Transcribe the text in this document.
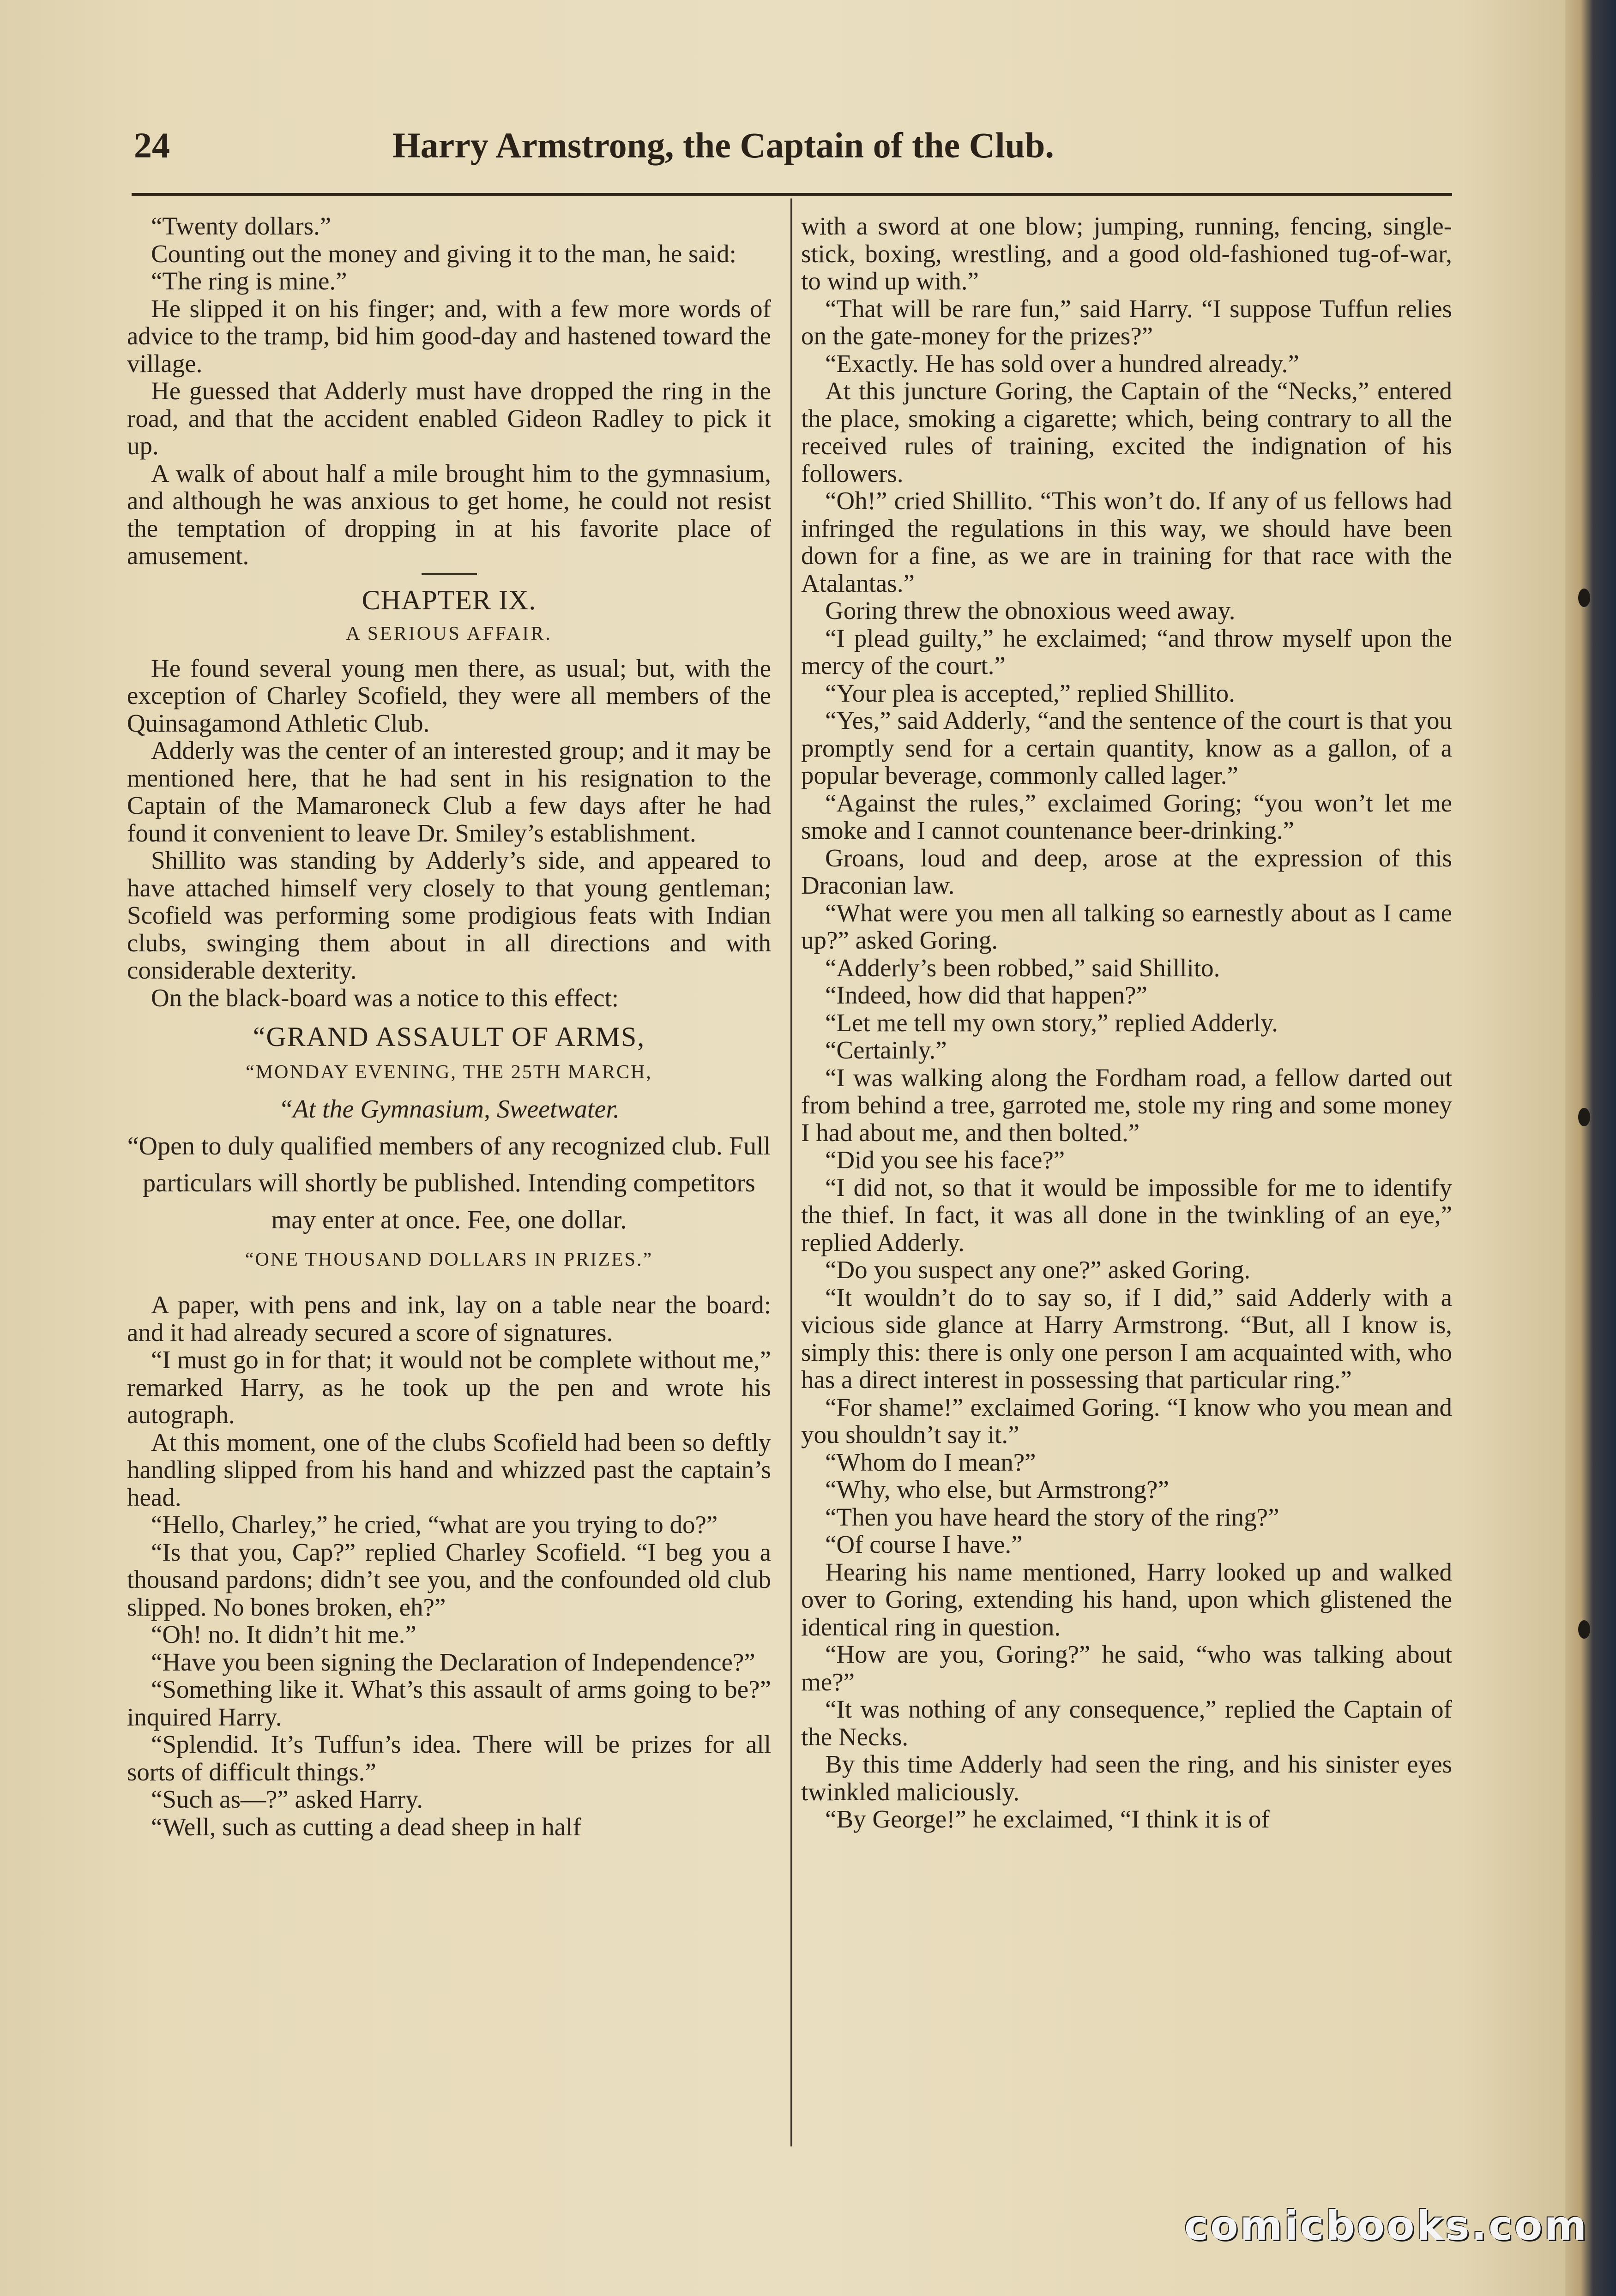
24	Harry Armstrong, the Captain of the Club.

“Twenty dollars.”

Counting out the money and giving it to the man, he said:

“The ring is mine.”

He slipped it on his finger; and, with a few more words of advice to the tramp, bid him good-day and hastened toward the village.

He guessed that Adderly must have dropped the ring in the road, and that the accident enabled Gideon Radley to pick it up.

A walk of about half a mile brought him to the gymnasium, and although he was anxious to get home, he could not resist the temptation of dropping in at his favorite place of amusement.

CHAPTER IX.
A SERIOUS AFFAIR.

He found several young men there, as usual; but, with the exception of Charley Scofield, they were all members of the Quinsagamond Athletic Club.

Adderly was the center of an interested group; and it may be mentioned here, that he had sent in his resignation to the Captain of the Mamaroneck Club a few days after he had found it convenient to leave Dr. Smiley’s establishment.

Shillito was standing by Adderly’s side, and appeared to have attached himself very closely to that young gentleman; Scofield was performing some prodigious feats with Indian clubs, swinging them about in all directions and with considerable dexterity.

On the black-board was a notice to this effect:

“GRAND ASSAULT OF ARMS,
“MONDAY EVENING, THE 25TH MARCH,
“At the Gymnasium, Sweetwater.
“Open to duly qualified members of any recognized club. Full particulars will shortly be published. Intending competitors may enter at once. Fee, one dollar.
“ONE THOUSAND DOLLARS IN PRIZES.”

A paper, with pens and ink, lay on a table near the board: and it had already secured a score of signatures.

“I must go in for that; it would not be complete without me,” remarked Harry, as he took up the pen and wrote his autograph.

At this moment, one of the clubs Scofield had been so deftly handling slipped from his hand and whizzed past the captain’s head.

“Hello, Charley,” he cried, “what are you trying to do?”

“Is that you, Cap?” replied Charley Scofield. “I beg you a thousand pardons; didn’t see you, and the confounded old club slipped. No bones broken, eh?”

“Oh! no. It didn’t hit me.”

“Have you been signing the Declaration of Independence?”

“Something like it. What’s this assault of arms going to be?” inquired Harry.

“Splendid. It’s Tuffun’s idea. There will be prizes for all sorts of difficult things.”

“Such as—?” asked Harry.

“Well, such as cutting a dead sheep in half

with a sword at one blow; jumping, running, fencing, single-stick, boxing, wrestling, and a good old-fashioned tug-of-war, to wind up with.”

“That will be rare fun,” said Harry. “I suppose Tuffun relies on the gate-money for the prizes?”

“Exactly. He has sold over a hundred already.”

At this juncture Goring, the Captain of the “Necks,” entered the place, smoking a cigarette; which, being contrary to all the received rules of training, excited the indignation of his followers.

“Oh!” cried Shillito. “This won’t do. If any of us fellows had infringed the regulations in this way, we should have been down for a fine, as we are in training for that race with the Atalantas.”

Goring threw the obnoxious weed away.

“I plead guilty,” he exclaimed; “and throw myself upon the mercy of the court.”

“Your plea is accepted,” replied Shillito.

“Yes,” said Adderly, “and the sentence of the court is that you promptly send for a certain quantity, know as a gallon, of a popular beverage, commonly called lager.”

“Against the rules,” exclaimed Goring; “you won’t let me smoke and I cannot countenance beer-drinking.”

Groans, loud and deep, arose at the expression of this Draconian law.

“What were you men all talking so earnestly about as I came up?” asked Goring.

“Adderly’s been robbed,” said Shillito.

“Indeed, how did that happen?”

“Let me tell my own story,” replied Adderly.

“Certainly.”

“I was walking along the Fordham road, a fellow darted out from behind a tree, garroted me, stole my ring and some money I had about me, and then bolted.”

“Did you see his face?”

“I did not, so that it would be impossible for me to identify the thief. In fact, it was all done in the twinkling of an eye,” replied Adderly.

“Do you suspect any one?” asked Goring.

“It wouldn’t do to say so, if I did,” said Adderly with a vicious side glance at Harry Armstrong. “But, all I know is, simply this: there is only one person I am acquainted with, who has a direct interest in possessing that particular ring.”

“For shame!” exclaimed Goring. “I know who you mean and you shouldn’t say it.”

“Whom do I mean?”

“Why, who else, but Armstrong?”

“Then you have heard the story of the ring?”

“Of course I have.”

Hearing his name mentioned, Harry looked up and walked over to Goring, extending his hand, upon which glistened the identical ring in question.

“How are you, Goring?” he said, “who was talking about me?”

“It was nothing of any consequence,” replied the Captain of the Necks.

By this time Adderly had seen the ring, and his sinister eyes twinkled maliciously.

“By George!” he exclaimed, “I think it is of

comicbooks.com
